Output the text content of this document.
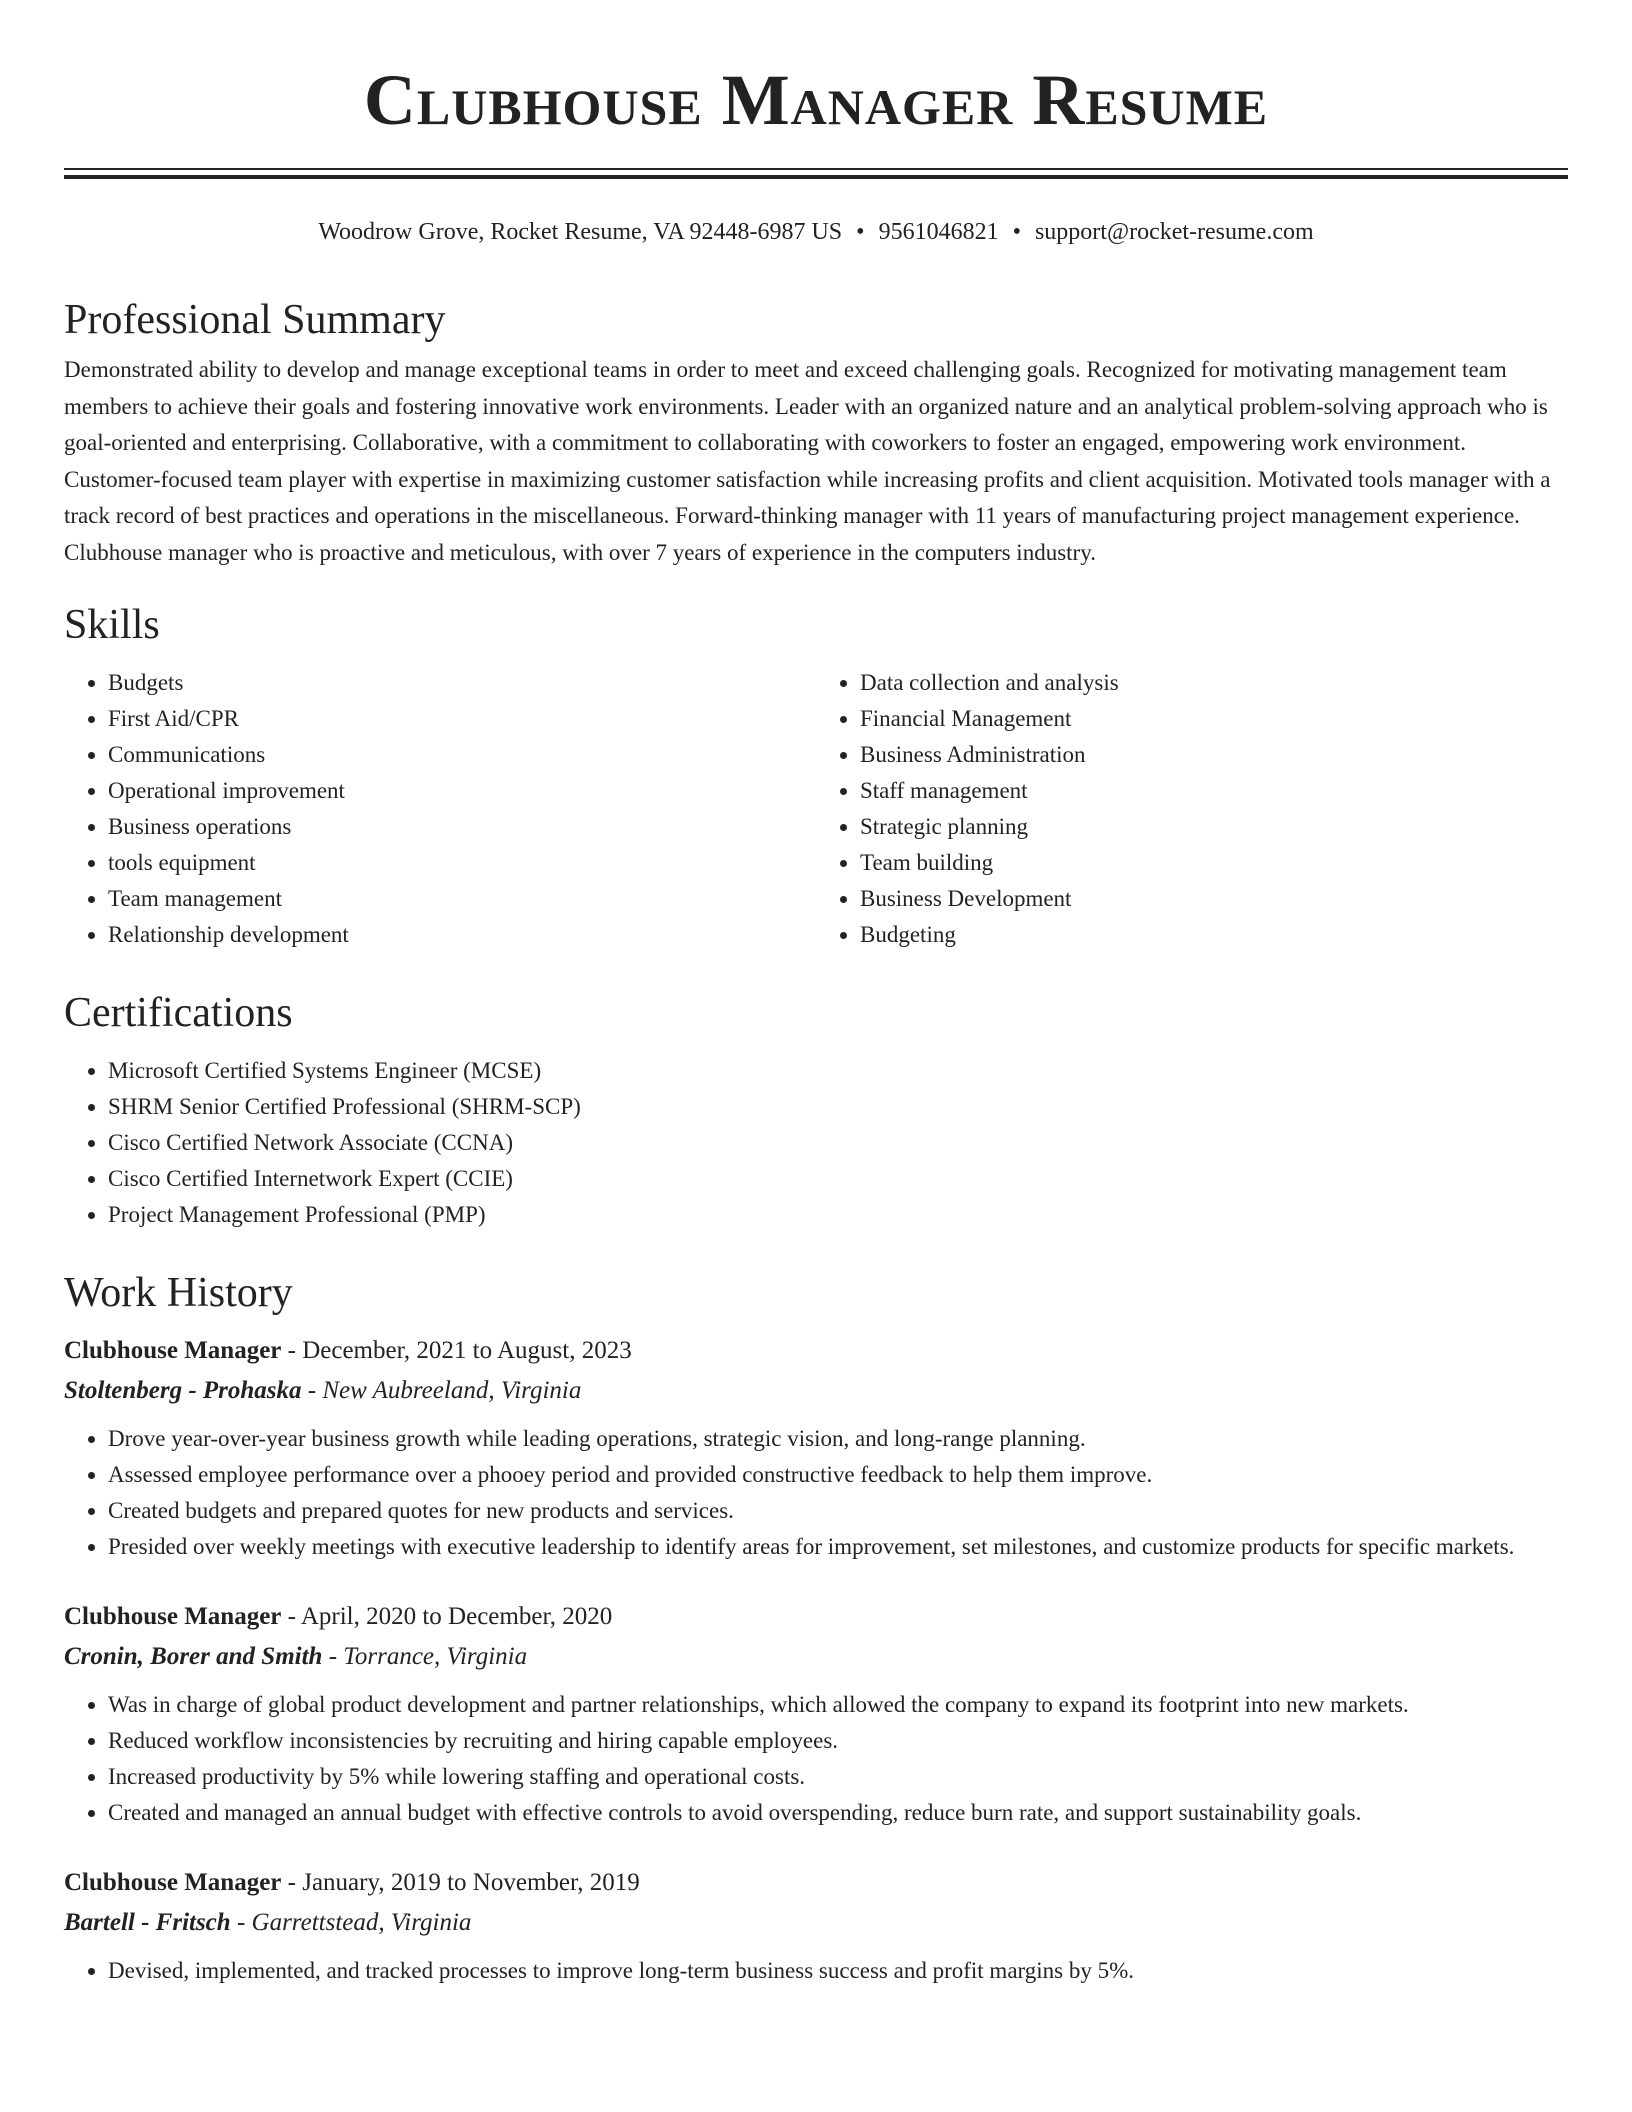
Clubhouse Manager Resume
Woodrow Grove, Rocket Resume, VA 92448-6987 US • 9561046821 • support@rocket-resume.com
Professional Summary

Demonstrated ability to develop and manage exceptional teams in order to meet and exceed challenging goals. Recognized for motivating management team members to achieve their goals and fostering innovative work environments. Leader with an organized nature and an analytical problem-solving approach who is goal-oriented and enterprising. Collaborative, with a commitment to collaborating with coworkers to foster an engaged, empowering work environment. Customer-focused team player with expertise in maximizing customer satisfaction while increasing profits and client acquisition. Motivated tools manager with a track record of best practices and operations in the miscellaneous. Forward-thinking manager with 11 years of manufacturing project management experience. Clubhouse manager who is proactive and meticulous, with over 7 years of experience in the computers industry.

Skills
• Budgets
• First Aid/CPR
• Communications
• Operational improvement
• Business operations
• tools equipment
• Team management
• Relationship development
• Data collection and analysis
• Financial Management
• Business Administration
• Staff management
• Strategic planning
• Team building
• Business Development
• Budgeting
Certifications
• Microsoft Certified Systems Engineer (MCSE)
• SHRM Senior Certified Professional (SHRM-SCP)
• Cisco Certified Network Associate (CCNA)
• Cisco Certified Internetwork Expert (CCIE)
• Project Management Professional (PMP)
Work History
Clubhouse Manager - December, 2021 to August, 2023
Stoltenberg - Prohaska - New Aubreeland, Virginia
• Drove year-over-year business growth while leading operations, strategic vision, and long-range planning.
• Assessed employee performance over a phooey period and provided constructive feedback to help them improve.
• Created budgets and prepared quotes for new products and services.
• Presided over weekly meetings with executive leadership to identify areas for improvement, set milestones, and customize products for specific markets.
Clubhouse Manager - April, 2020 to December, 2020
Cronin, Borer and Smith - Torrance, Virginia
• Was in charge of global product development and partner relationships, which allowed the company to expand its footprint into new markets.
• Reduced workflow inconsistencies by recruiting and hiring capable employees.
• Increased productivity by 5% while lowering staffing and operational costs.
• Created and managed an annual budget with effective controls to avoid overspending, reduce burn rate, and support sustainability goals.
Clubhouse Manager - January, 2019 to November, 2019
Bartell - Fritsch - Garrettstead, Virginia
• Devised, implemented, and tracked processes to improve long-term business success and profit margins by 5%.
